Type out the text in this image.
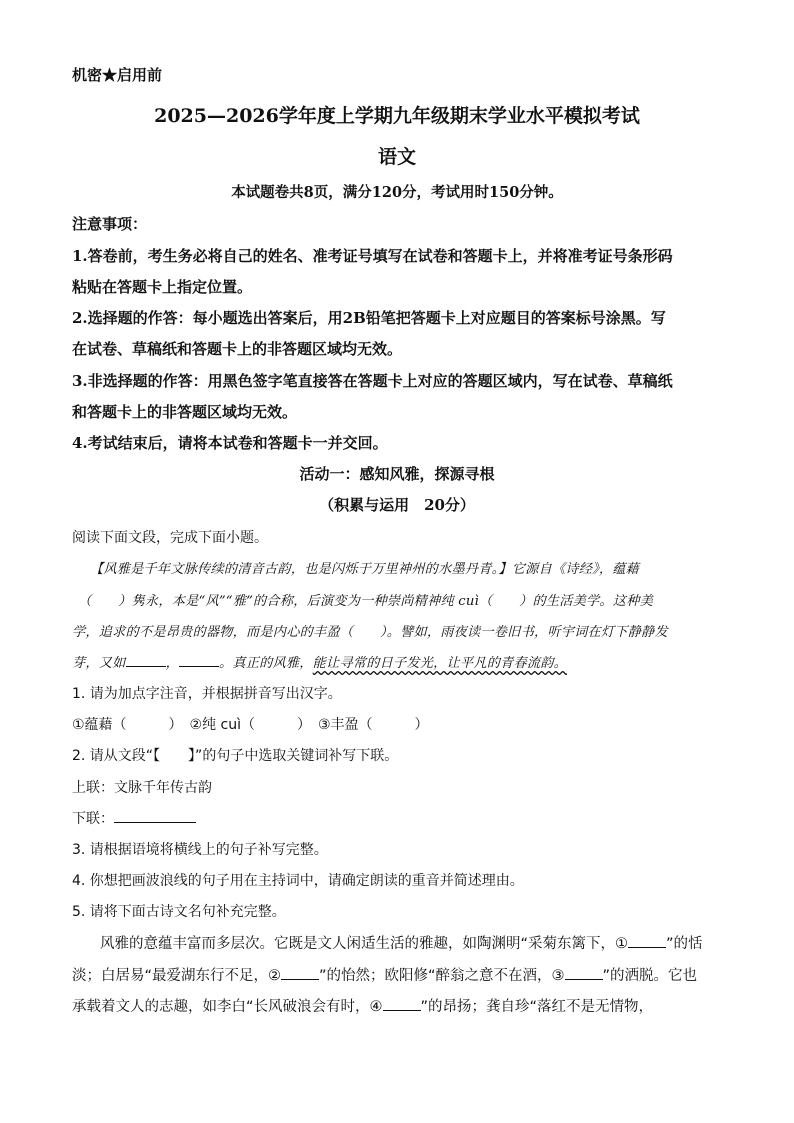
机密★启用前
2025—2026学年度上学期九年级期末学业水平模拟考试
语文
本试题卷共8页，满分120分，考试用时150分钟。
注意事项：
1.答卷前，考生务必将自己的姓名、准考证号填写在试卷和答题卡上，并将准考证号条形码
粘贴在答题卡上指定位置。
2.选择题的作答：每小题选出答案后，用2B铅笔把答题卡上对应题目的答案标号涂黑。写
在试卷、草稿纸和答题卡上的非答题区域均无效。
3.非选择题的作答：用黑色签字笔直接答在答题卡上对应的答题区域内，写在试卷、草稿纸
和答题卡上的非答题区域均无效。
4.考试结束后，请将本试卷和答题卡一并交回。
活动一：感知风雅，探源寻根
（积累与运用　20分）
阅读下面文段，完成下面小题。
【风雅是千年文脉传续的清音古韵，也是闪烁于万里神州的水墨丹青。】它源自《诗经》，蕴藉
（　　）隽永，本是“风”“雅”的合称，后演变为一种崇尚精神纯 cuì（　　）的生活美学。这种美
学，追求的不是昂贵的器物，而是内心的丰盈（　　）。譬如，雨夜读一卷旧书，听宇词在灯下静静发
芽，又如	，	。真正的风雅，能让寻常的日子发光，让平凡的青春流韵。
1. 请为加点字注音，并根据拼音写出汉字。
①蕴藉（　　　）　②纯 cuì（　　　）　③丰盈（　　　）
2. 请从文段“【　　】”的句子中选取关键词补写下联。
上联：文脉千年传古韵
下联：
3. 请根据语境将横线上的句子补写完整。
4. 你想把画波浪线的句子用在主持词中，请确定朗读的重音并简述理由。
5. 请将下面古诗文名句补充完整。
风雅的意蕴丰富而多层次。它既是文人闲适生活的雅趣，如陶渊明“采菊东篱下，①	”的恬
淡；白居易“最爱湖东行不足，②	”的怡然；欧阳修“醉翁之意不在酒，③	”的洒脱。它也
承载着文人的志趣，如李白“长风破浪会有时，④	”的昂扬；龚自珍“落红不是无情物，
